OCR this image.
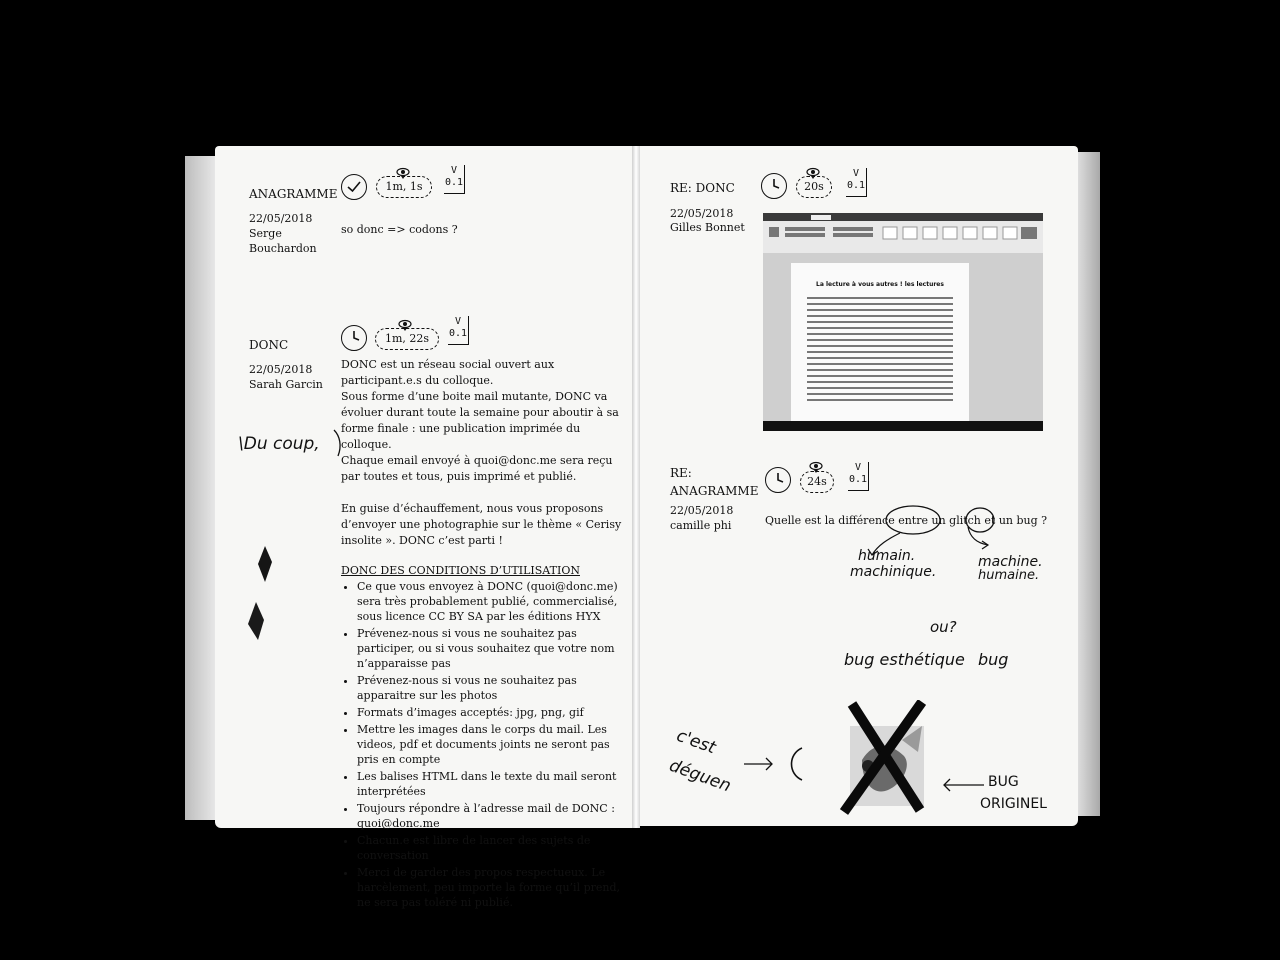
ANAGRAMME
22/05/2018
Serge
Bouchardon
1m, 1s
V
0.1
so donc => codons ?
DONC
22/05/2018
Sarah Garcin
1m, 22s
V
0.1
DONC est un réseau social ouvert aux participant.e.s du colloque.
Sous forme d’une boite mail mutante, DONC va évoluer durant toute la semaine pour aboutir à sa forme finale : une publication imprimée du colloque.
Chaque email envoyé à quoi@donc.me sera reçu par toutes et tous, puis imprimé et publié.
En guise d’échauffement, nous vous proposons d’envoyer une photographie sur le thème « Cerisy insolite ». DONC c’est parti !
DONC DES CONDITIONS D’UTILISATION
• Ce que vous envoyez à DONC (quoi@donc.me) sera très probablement publié, commercialisé, sous licence CC BY SA par les éditions HYX
• Prévenez-nous si vous ne souhaitez pas participer, ou si vous souhaitez que votre nom n’apparaisse pas
• Prévenez-nous si vous ne souhaitez pas apparaitre sur les photos
• Formats d’images acceptés: jpg, png, gif
• Mettre les images dans le corps du mail. Les videos, pdf et documents joints ne seront pas pris en compte
• Les balises HTML dans le texte du mail seront interprétées
• Toujours répondre à l’adresse mail de DONC : quoi@donc.me
• Chacun.e est libre de lancer des sujets de conversation
• Merci de garder des propos respectueux. Le harcèlement, peu importe la forme qu’il prend, ne sera pas toléré ni publié.
\Du coup,
RE: DONC
22/05/2018
Gilles Bonnet
20s
V
0.1
La lecture à vous autres ! les lectures
RE:
ANAGRAMME
22/05/2018
camille phi
24s
V
0.1
Quelle est la différence entre un glitch et un bug ?
humain.
machinique.
machine.
humaine.
ou?
bug esthétique bug
c'est
déguen	BUG
ORIGINEL
